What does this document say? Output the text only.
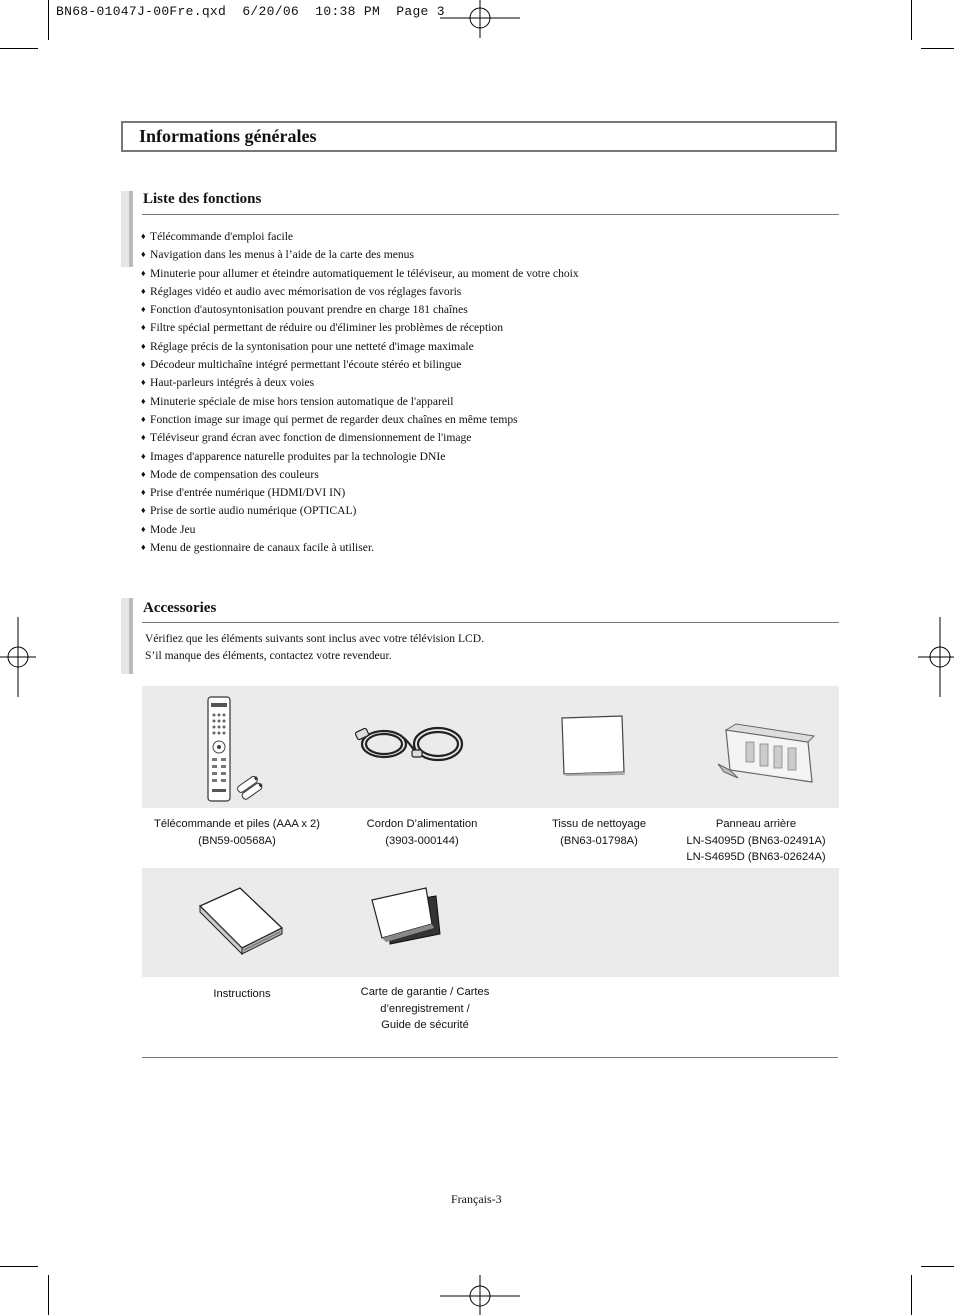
BN68-01047J-00Fre.qxd  6/20/06  10:38 PM  Page 3
Informations générales
Liste des fonctions
♦ Télécommande d'emploi facile
♦ Navigation dans les menus à l’aide de la carte des menus
♦ Minuterie pour allumer et éteindre automatiquement le téléviseur, au moment de votre choix
♦ Réglages vidéo et audio avec mémorisation de vos réglages favoris
♦ Fonction d'autosyntonisation pouvant prendre en charge 181 chaînes
♦ Filtre spécial permettant de réduire ou d'éliminer les problèmes de réception
♦ Réglage précis de la syntonisation pour une netteté d'image maximale
♦ Décodeur multichaîne intégré permettant l'écoute stéréo et bilingue
♦ Haut-parleurs intégrés à deux voies
♦ Minuterie spéciale de mise hors tension automatique de l'appareil
♦ Fonction image sur image qui permet de regarder deux chaînes en même temps
♦ Téléviseur grand écran avec fonction de dimensionnement de l'image
♦ Images d'apparence naturelle produites par la technologie DNIe
♦ Mode de compensation des couleurs
♦ Prise d'entrée numérique (HDMI/DVI IN)
♦ Prise de sortie audio numérique (OPTICAL)
♦ Mode Jeu
♦ Menu de gestionnaire de canaux facile à utiliser.
Accessories
Vérifiez que les éléments suivants sont inclus avec votre télévision LCD.
S’il manque des éléments, contactez votre revendeur.
Télécommande et piles (AAA x 2)
(BN59-00568A)
Cordon D’alimentation
(3903-000144)
Tissu de nettoyage
(BN63-01798A)
Panneau arrière
LN-S4095D (BN63-02491A)
LN-S4695D (BN63-02624A)
Instructions	Carte de garantie / Cartes
d’enregistrement /
Guide de sécurité
Français-3
